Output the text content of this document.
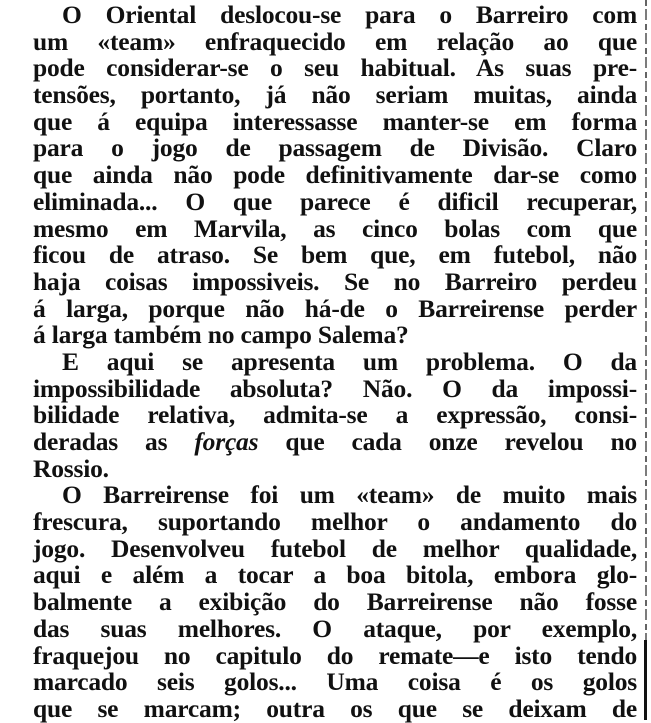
O Oriental deslocou-se para o Barreiro com
um «team» enfraquecido em relação ao que
pode considerar-se o seu habitual. As suas pre-
tensões, portanto, já não seriam muitas, ainda
que á equipa interessasse manter-se em forma
para o jogo de passagem de Divisão. Claro
que ainda não pode definitivamente dar-se como
eliminada... O que parece é dificil recuperar,
mesmo em Marvila, as cinco bolas com que
ficou de atraso. Se bem que, em futebol, não
haja coisas impossiveis. Se no Barreiro perdeu
á larga, porque não há-de o Barreirense perder
á larga também no campo Salema?
E aqui se apresenta um problema. O da
impossibilidade absoluta? Não. O da impossi-
bilidade relativa, admita-se a expressão, consi-
deradas as forças que cada onze revelou no
Rossio.
O Barreirense foi um «team» de muito mais
frescura, suportando melhor o andamento do
jogo. Desenvolveu futebol de melhor qualidade,
aqui e além a tocar a boa bitola, embora glo-
balmente a exibição do Barreirense não fosse
das suas melhores. O ataque, por exemplo,
fraquejou no capitulo do remate—e isto tendo
marcado seis golos... Uma coisa é os golos
que se marcam; outra os que se deixam de
